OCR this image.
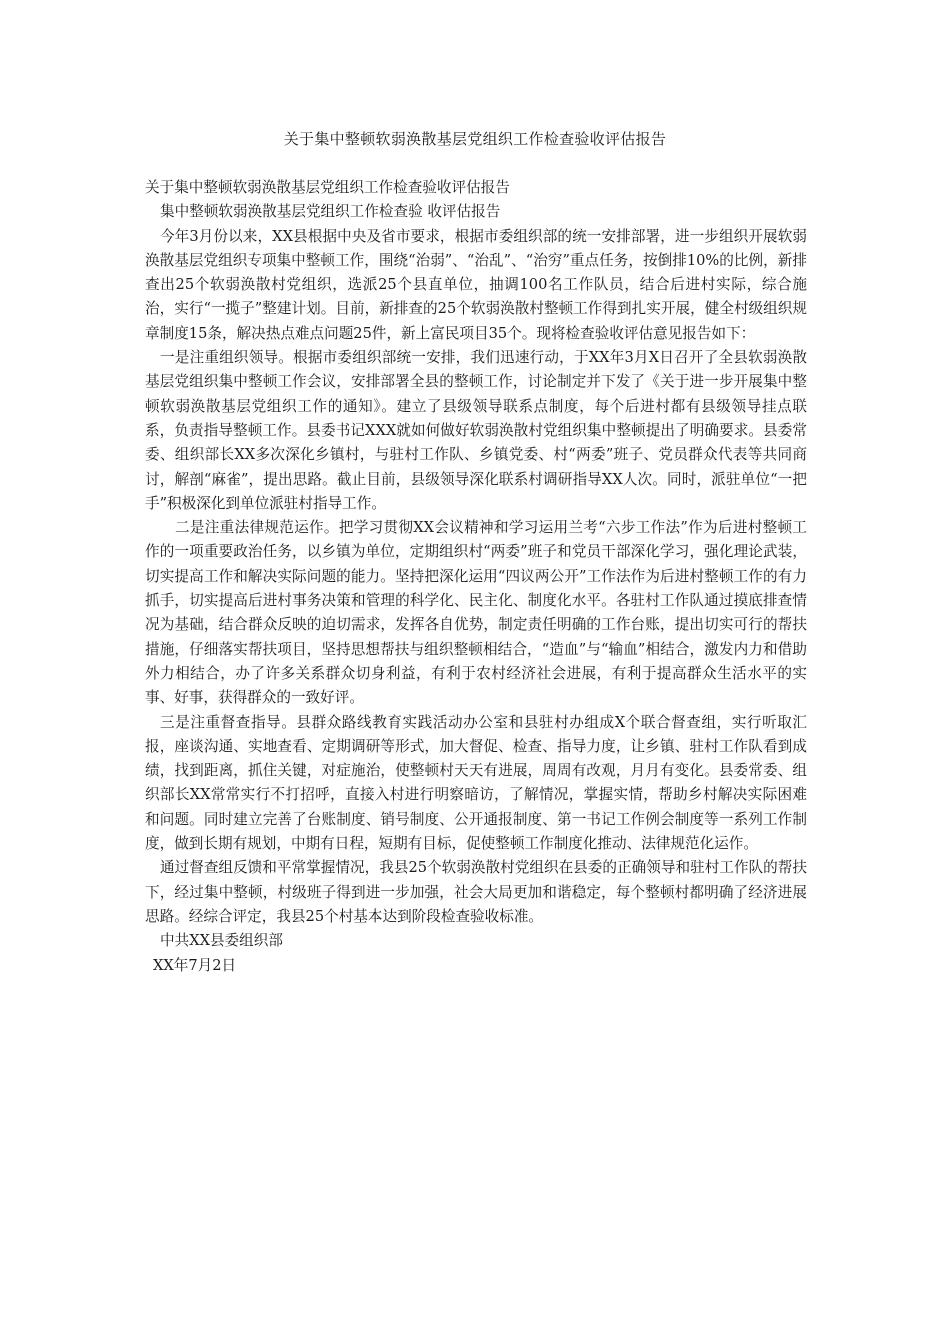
关于集中整顿软弱涣散基层党组织工作检查验收评估报告

关于集中整顿软弱涣散基层党组织工作检查验收评估报告

集中整顿软弱涣散基层党组织工作检查验 收评估报告

今年3月份以来，XX县根据中央及省市要求，根据市委组织部的统一安排部署，进一步组织开展软弱涣散基层党组织专项集中整顿工作，围绕“治弱”、“治乱”、“治穷”重点任务，按倒排10%的比例，新排查出25个软弱涣散村党组织，选派25个县直单位，抽调100名工作队员，结合后进村实际，综合施治，实行“一揽子”整建计划。目前，新排查的25个软弱涣散村整顿工作得到扎实开展，健全村级组织规章制度15条，解决热点难点问题25件，新上富民项目35个。现将检查验收评估意见报告如下：

一是注重组织领导。根据市委组织部统一安排，我们迅速行动，于XX年3月X日召开了全县软弱涣散基层党组织集中整顿工作会议，安排部署全县的整顿工作，讨论制定并下发了《关于进一步开展集中整顿软弱涣散基层党组织工作的通知》。建立了县级领导联系点制度，每个后进村都有县级领导挂点联系，负责指导整顿工作。县委书记XXX就如何做好软弱涣散村党组织集中整顿提出了明确要求。县委常委、组织部长XX多次深化乡镇村，与驻村工作队、乡镇党委、村“两委”班子、党员群众代表等共同商讨，解剖“麻雀”，提出思路。截止目前，县级领导深化联系村调研指导XX人次。同时，派驻单位“一把手”积极深化到单位派驻村指导工作。

二是注重法律规范运作。把学习贯彻XX会议精神和学习运用兰考“六步工作法”作为后进村整顿工作的一项重要政治任务，以乡镇为单位，定期组织村“两委”班子和党员干部深化学习，强化理论武装，切实提高工作和解决实际问题的能力。坚持把深化运用“四议两公开”工作法作为后进村整顿工作的有力抓手，切实提高后进村事务决策和管理的科学化、民主化、制度化水平。各驻村工作队通过摸底排查情况为基础，结合群众反映的迫切需求，发挥各自优势，制定责任明确的工作台账，提出切实可行的帮扶措施，仔细落实帮扶项目，坚持思想帮扶与组织整顿相结合，“造血”与“输血”相结合，激发内力和借助外力相结合，办了许多关系群众切身利益，有利于农村经济社会进展，有利于提高群众生活水平的实事、好事，获得群众的一致好评。

三是注重督查指导。县群众路线教育实践活动办公室和县驻村办组成X个联合督查组，实行听取汇报，座谈沟通、实地查看、定期调研等形式，加大督促、检查、指导力度，让乡镇、驻村工作队看到成绩，找到距离，抓住关键，对症施治，使整顿村天天有进展，周周有改观，月月有变化。县委常委、组织部长XX常常实行不打招呼，直接入村进行明察暗访，了解情况，掌握实情，帮助乡村解决实际困难和问题。同时建立完善了台账制度、销号制度、公开通报制度、第一书记工作例会制度等一系列工作制度，做到长期有规划，中期有日程，短期有目标，促使整顿工作制度化推动、法律规范化运作。

通过督查组反馈和平常掌握情况，我县25个软弱涣散村党组织在县委的正确领导和驻村工作队的帮扶下，经过集中整顿，村级班子得到进一步加强，社会大局更加和谐稳定，每个整顿村都明确了经济进展思路。经综合评定，我县25个村基本达到阶段检查验收标准。

中共XX县委组织部

XX年7月2日
